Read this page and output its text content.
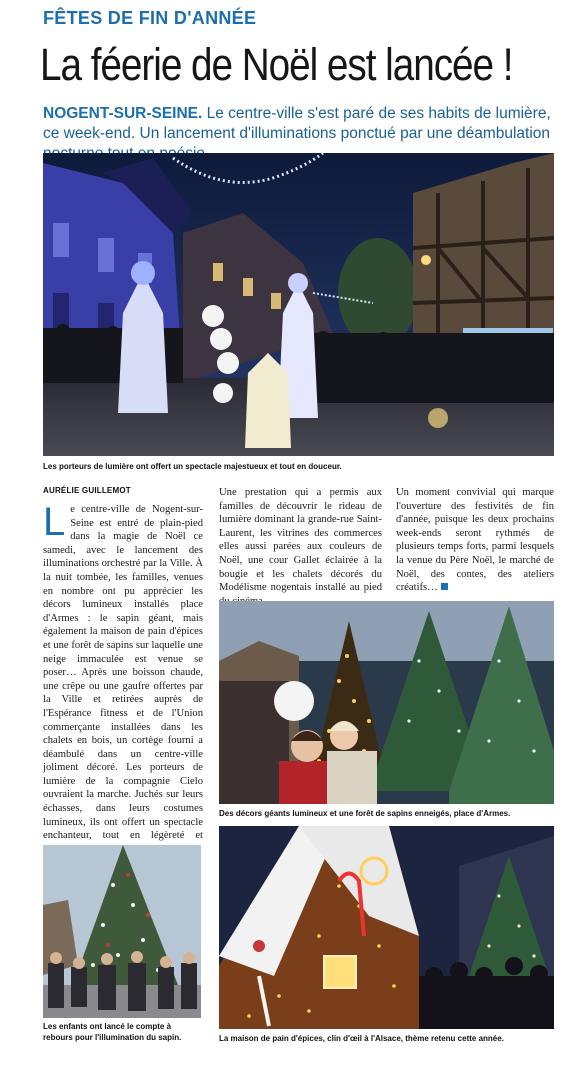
FÊTES DE FIN D'ANNÉE
La féerie de Noël est lancée !
NOGENT-SUR-SEINE. Le centre-ville s'est paré de ses habits de lumière, ce week-end. Un lancement d'illuminations ponctué par une déambulation
Les porteurs de lumière ont offert un spectacle majestueux et tout en douceur.
AURÉLIE GUILLEMOT
Le centre-ville de Nogent-sur-Seine est entré de plain-pied dans la magie de Noël ce samedi, avec le lancement des illuminations orchestré par la Ville. À la nuit tombée, les familles, venues en nombre ont pu apprécier les décors lumineux installés place d'Armes : le sapin géant, mais également la maison de pain d'épices et une forêt de sapins sur laquelle une neige immaculée est venue se poser… Après une boisson chaude, une crêpe ou une gaufre offertes par la Ville et retirées auprès de l'Espérance fitness et de l'Union commerçante installées dans les chalets en bois, un cortège fourni a déambulé dans un centre-ville joliment décoré. Les porteurs de lumière de la compagnie Cielo ouvraient la marche. Juchés sur leurs échasses, dans leurs costumes lumineux, ils ont offert un spectacle enchanteur, tout en légèreté et
Une prestation qui a permis aux familles de découvrir le rideau de lumière dominant la grande-rue Saint-Laurent, les vitrines des commerces elles aussi parées aux couleurs de Noël, une cour Gallet éclairée à la bougie et les chalets décorés du Modélisme nogentais installé au pied
Un moment convivial qui marque l'ouverture des festivités de fin d'année, puisque les deux prochains week-ends seront rythmés de plusieurs temps forts, parmi lesquels la venue du Père Noël, le marché de Noël, des contes, des ateliers créatifs…
Des décors géants lumineux et une forêt de sapins enneigés, place d'Armes.
Les enfants ont lancé le compte à rebours pour l'illumination du sapin.	La maison de pain d'épices, clin d'œil à l'Alsace, thème retenu cette année.
